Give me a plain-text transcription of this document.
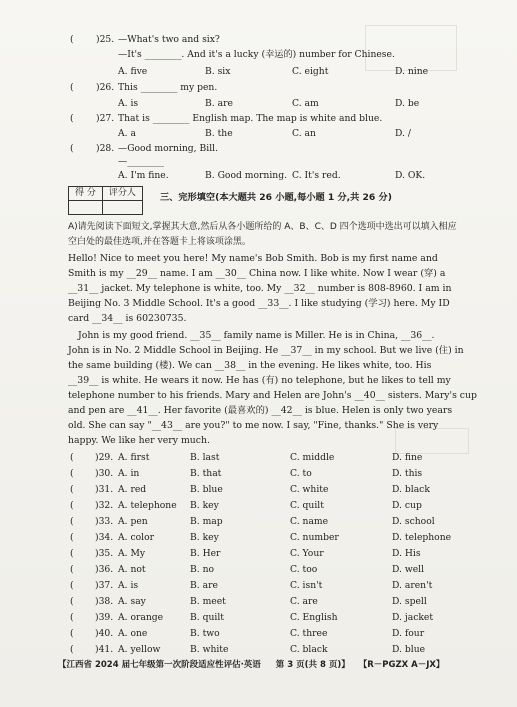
( )25. —What's two and six?
—It's ________. And it's a lucky (幸运的) number for Chinese.
A. five	B. six	C. eight	D. nine
( )26. This ________ my pen.
A. is	B. are	C. am	D. be
( )27. That is ________ English map. The map is white and blue.
A. a	B. the	C. an	D. /
( )28. —Good morning, Bill.
—________
A. I'm fine.	B. Good morning. C. It's red.	D. OK.
得 分	评分人
		三、完形填空(本大题共 26 小题,每小题 1 分,共 26 分)
A)请先阅读下面短文,掌握其大意,然后从各小题所给的 A、B、C、D 四个选项中选出可以填入相应空白处的最佳选项,并在答题卡上将该项涂黑。
Hello! Nice to meet you here! My name's Bob Smith. Bob is my first name and
Smith is my __29__ name. I am __30__ China now. I like white. Now I wear (穿) a
__31__ jacket. My telephone is white, too. My __32__ number is 808-8960. I am in
Beijing No. 3 Middle School. It's a good __33__. I like studying (学习) here. My ID
card __34__ is 60230735.
John is my good friend. __35__ family name is Miller. He is in China, __36__.
John is in No. 2 Middle School in Beijing. He __37__ in my school. But we live (住) in
the same building (楼). We can __38__ in the evening. He likes white, too. His
__39__ is white. He wears it now. He has (有) no telephone, but he likes to tell my
telephone number to his friends. Mary and Helen are John's __40__ sisters. Mary's cup
and pen are __41__. Her favorite (最喜欢的) __42__ is blue. Helen is only two years
old. She can say "__43__ are you?" to me now. I say, "Fine, thanks." She is very
happy. We like her very much.
( )29. A. first	B. last	C. middle	D. fine
( )30. A. in	B. that	C. to	D. this
( )31. A. red	B. blue	C. white	D. black
( )32. A. telephone B. key	C. quilt	D. cup
( )33. A. pen	B. map	C. name	D. school
( )34. A. color	B. key	C. number	D. telephone
( )35. A. My	B. Her	C. Your	D. His
( )36. A. not	B. no	C. too	D. well
( )37. A. is	B. are	C. isn't	D. aren't
( )38. A. say	B. meet	C. are	D. spell
( )39. A. orange	B. quilt	C. English	D. jacket
( )40. A. one	B. two	C. three	D. four
( )41. A. yellow	B. white	C. black	D. blue
【江西省 2024 届七年级第一次阶段适应性评估·英语 第 3 页(共 8 页)】 【R－PGZX A－JX】
